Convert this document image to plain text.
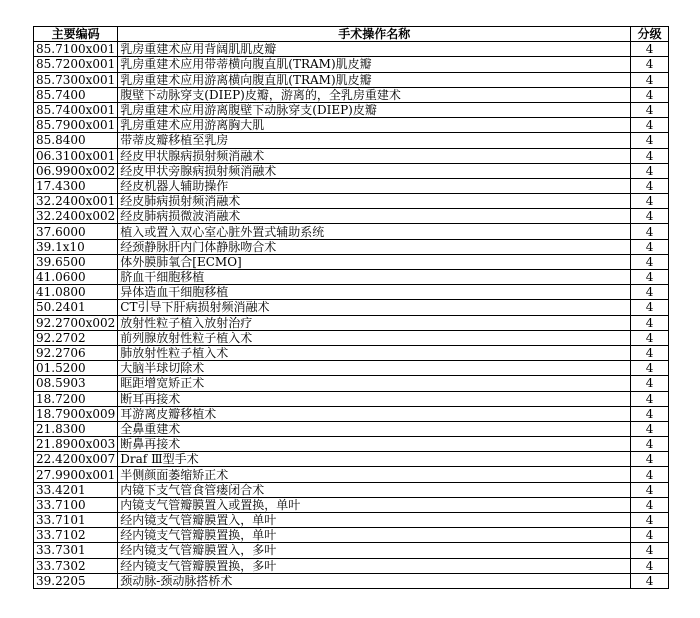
主要编码	手术操作名称	分级
85.7100x001	乳房重建术应用背阔肌肌皮瓣	4
85.7200x001	乳房重建术应用带蒂横向腹直肌(TRAM)肌皮瓣	4
85.7300x001	乳房重建术应用游离横向腹直肌(TRAM)肌皮瓣	4
85.7400	腹壁下动脉穿支(DIEP)皮瓣，游离的，全乳房重建术	4
85.7400x001	乳房重建术应用游离腹壁下动脉穿支(DIEP)皮瓣	4
85.7900x001	乳房重建术应用游离胸大肌	4
85.8400	带蒂皮瓣移植至乳房	4
06.3100x001	经皮甲状腺病损射频消融术	4
06.9900x002	经皮甲状旁腺病损射频消融术	4
17.4300	经皮机器人辅助操作	4
32.2400x001	经皮肺病损射频消融术	4
32.2400x002	经皮肺病损微波消融术	4
37.6000	植入或置入双心室心脏外置式辅助系统	4
39.1x10	经颈静脉肝内门体静脉吻合术	4
39.6500	体外膜肺氧合[ECMO]	4
41.0600	脐血干细胞移植	4
41.0800	异体造血干细胞移植	4
50.2401	CT引导下肝病损射频消融术	4
92.2700x002	放射性粒子植入放射治疗	4
92.2702	前列腺放射性粒子植入术	4
92.2706	肺放射性粒子植入术	4
01.5200	大脑半球切除术	4
08.5903	眶距增宽矫正术	4
18.7200	断耳再接术	4
18.7900x009	耳游离皮瓣移植术	4
21.8300	全鼻重建术	4
21.8900x003	断鼻再接术	4
22.4200x007	Draf Ⅲ型手术	4
27.9900x001	半侧颜面萎缩矫正术	4
33.4201	内镜下支气管食管瘘闭合术	4
33.7100	内镜支气管瓣膜置入或置换，单叶	4
33.7101	经内镜支气管瓣膜置入，单叶	4
33.7102	经内镜支气管瓣膜置换，单叶	4
33.7301	经内镜支气管瓣膜置入，多叶	4
33.7302	经内镜支气管瓣膜置换，多叶	4
39.2205	颈动脉-颈动脉搭桥术	4
